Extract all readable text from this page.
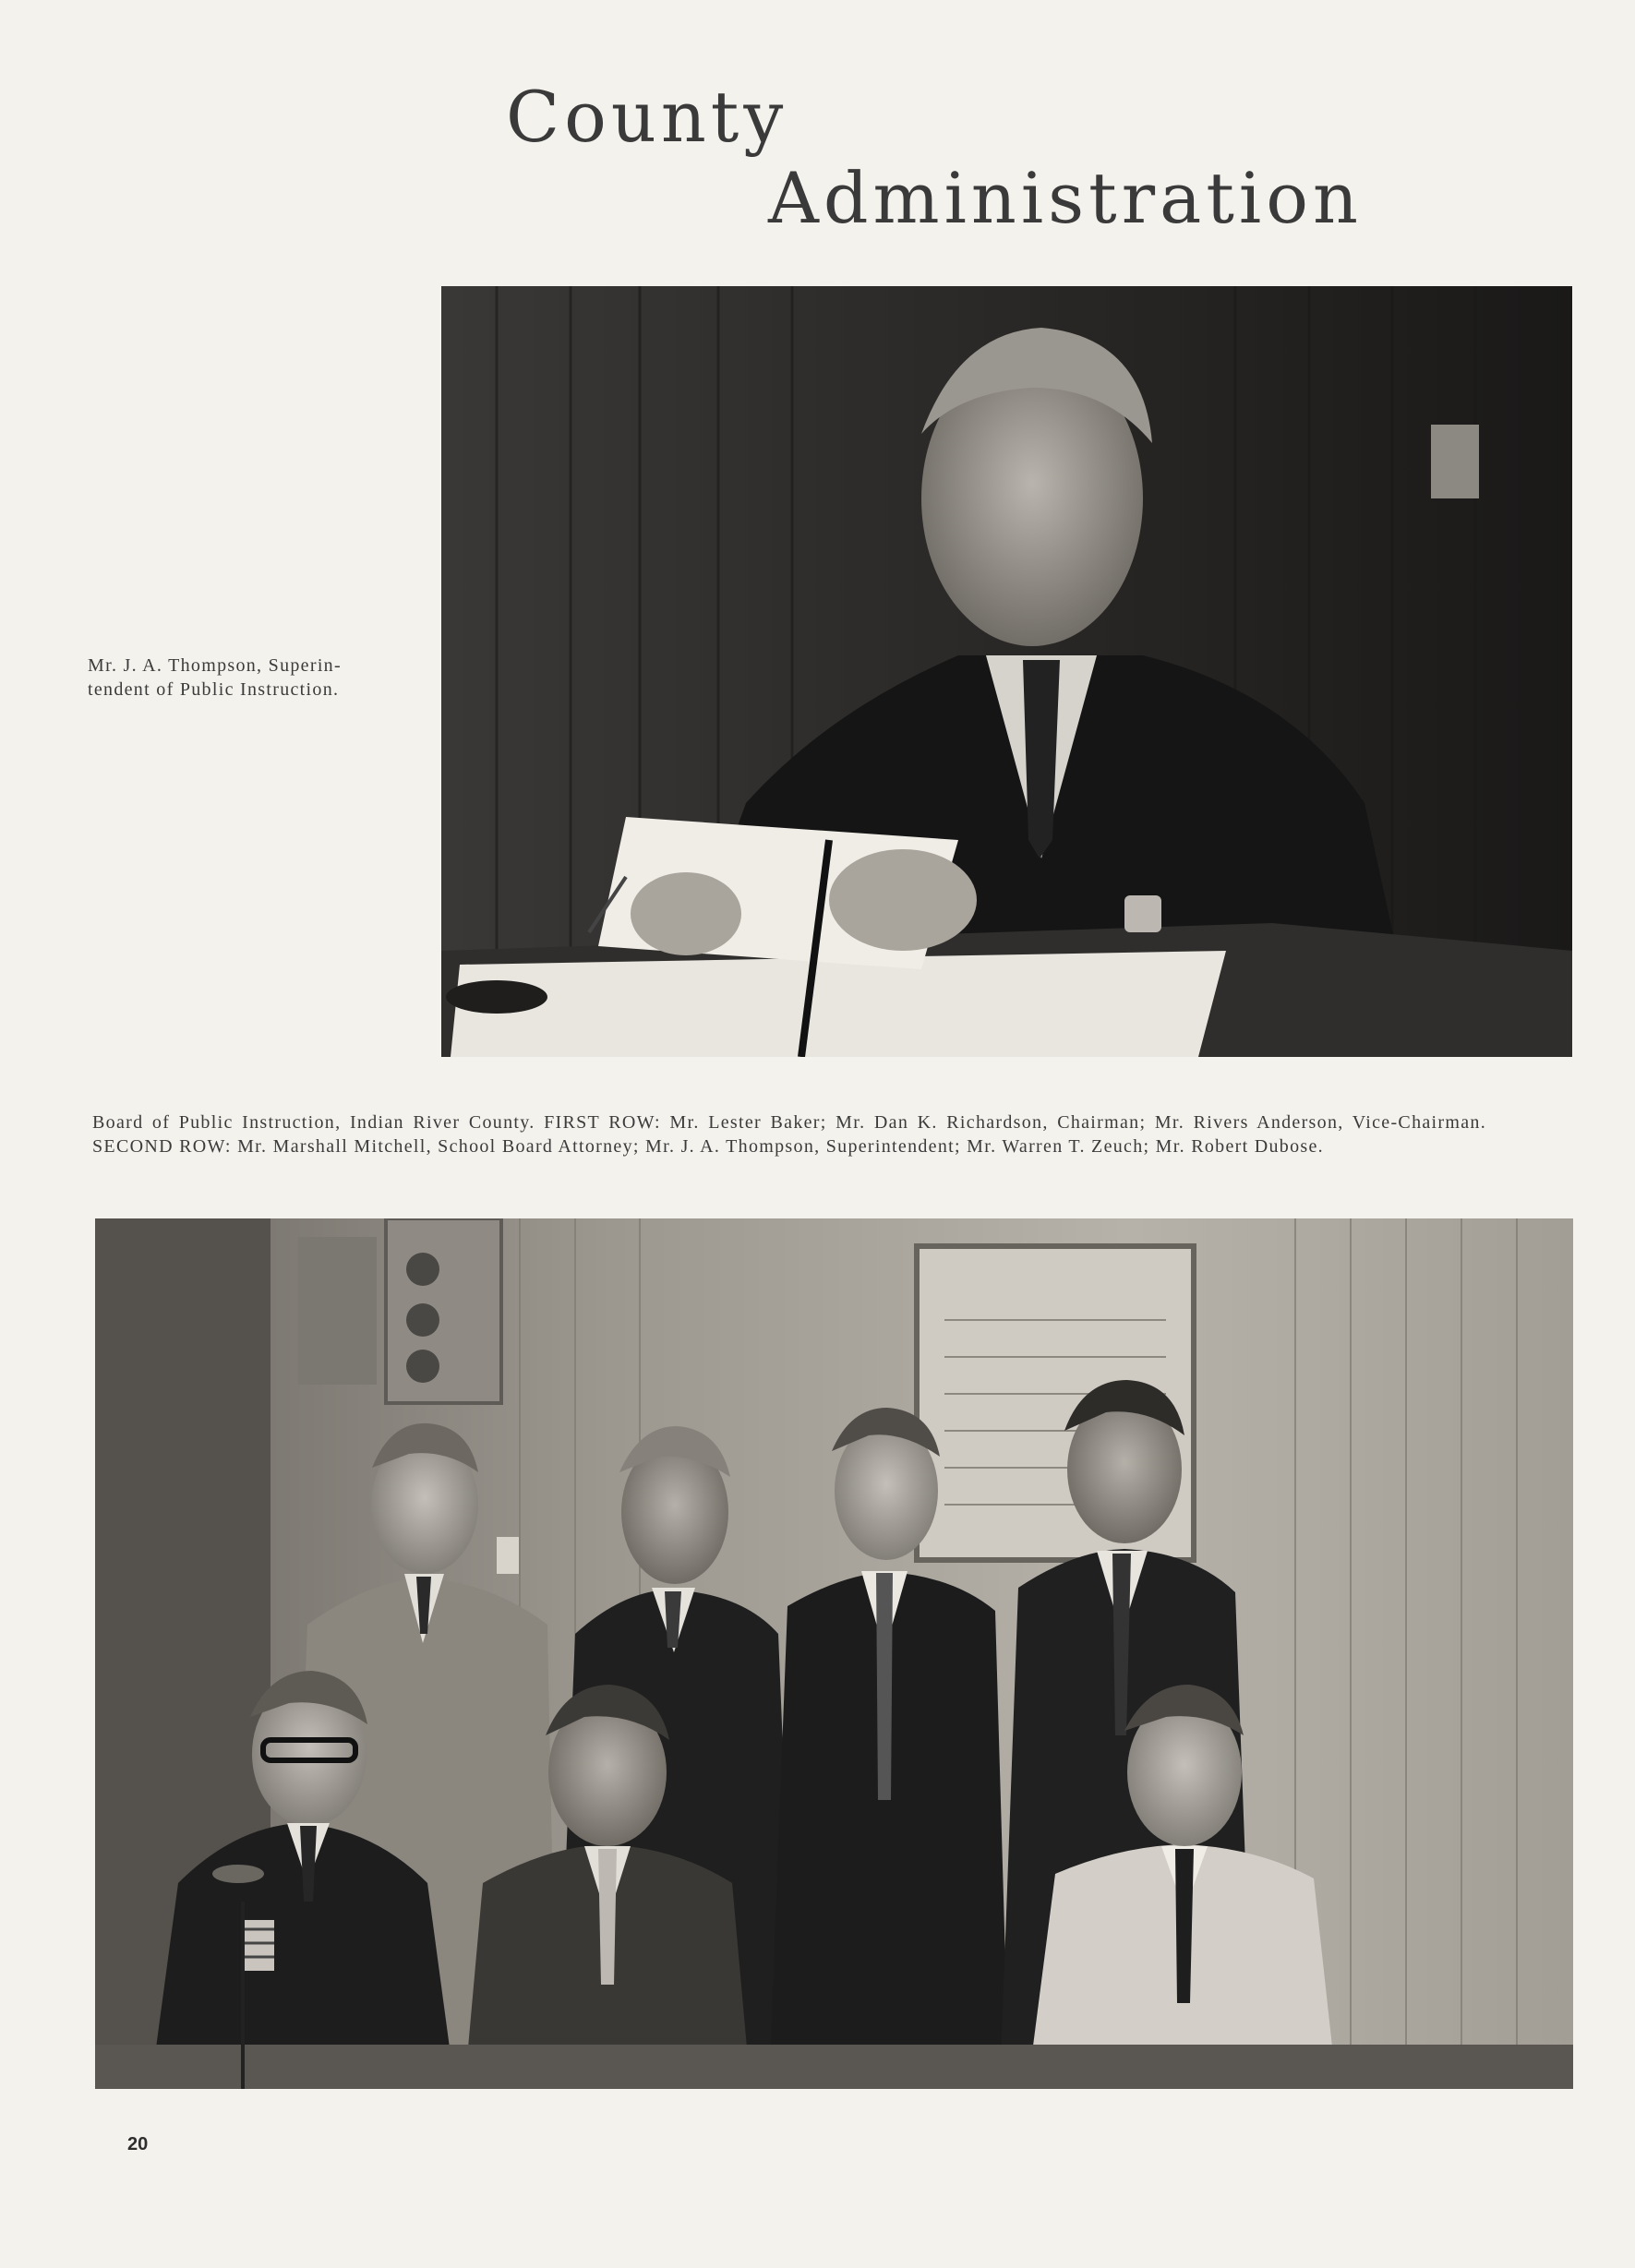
County
Administration

Mr. J. A. Thompson, Superin-
tendent of Public Instruction.

Board of Public Instruction, Indian River County. FIRST ROW: Mr. Lester Baker; Mr. Dan K. Richardson, Chairman; Mr. Rivers Anderson, Vice-Chairman. SECOND ROW: Mr. Marshall Mitchell, School Board Attorney; Mr. J. A. Thompson, Superintendent; Mr. Warren T. Zeuch; Mr. Robert Dubose.

20
